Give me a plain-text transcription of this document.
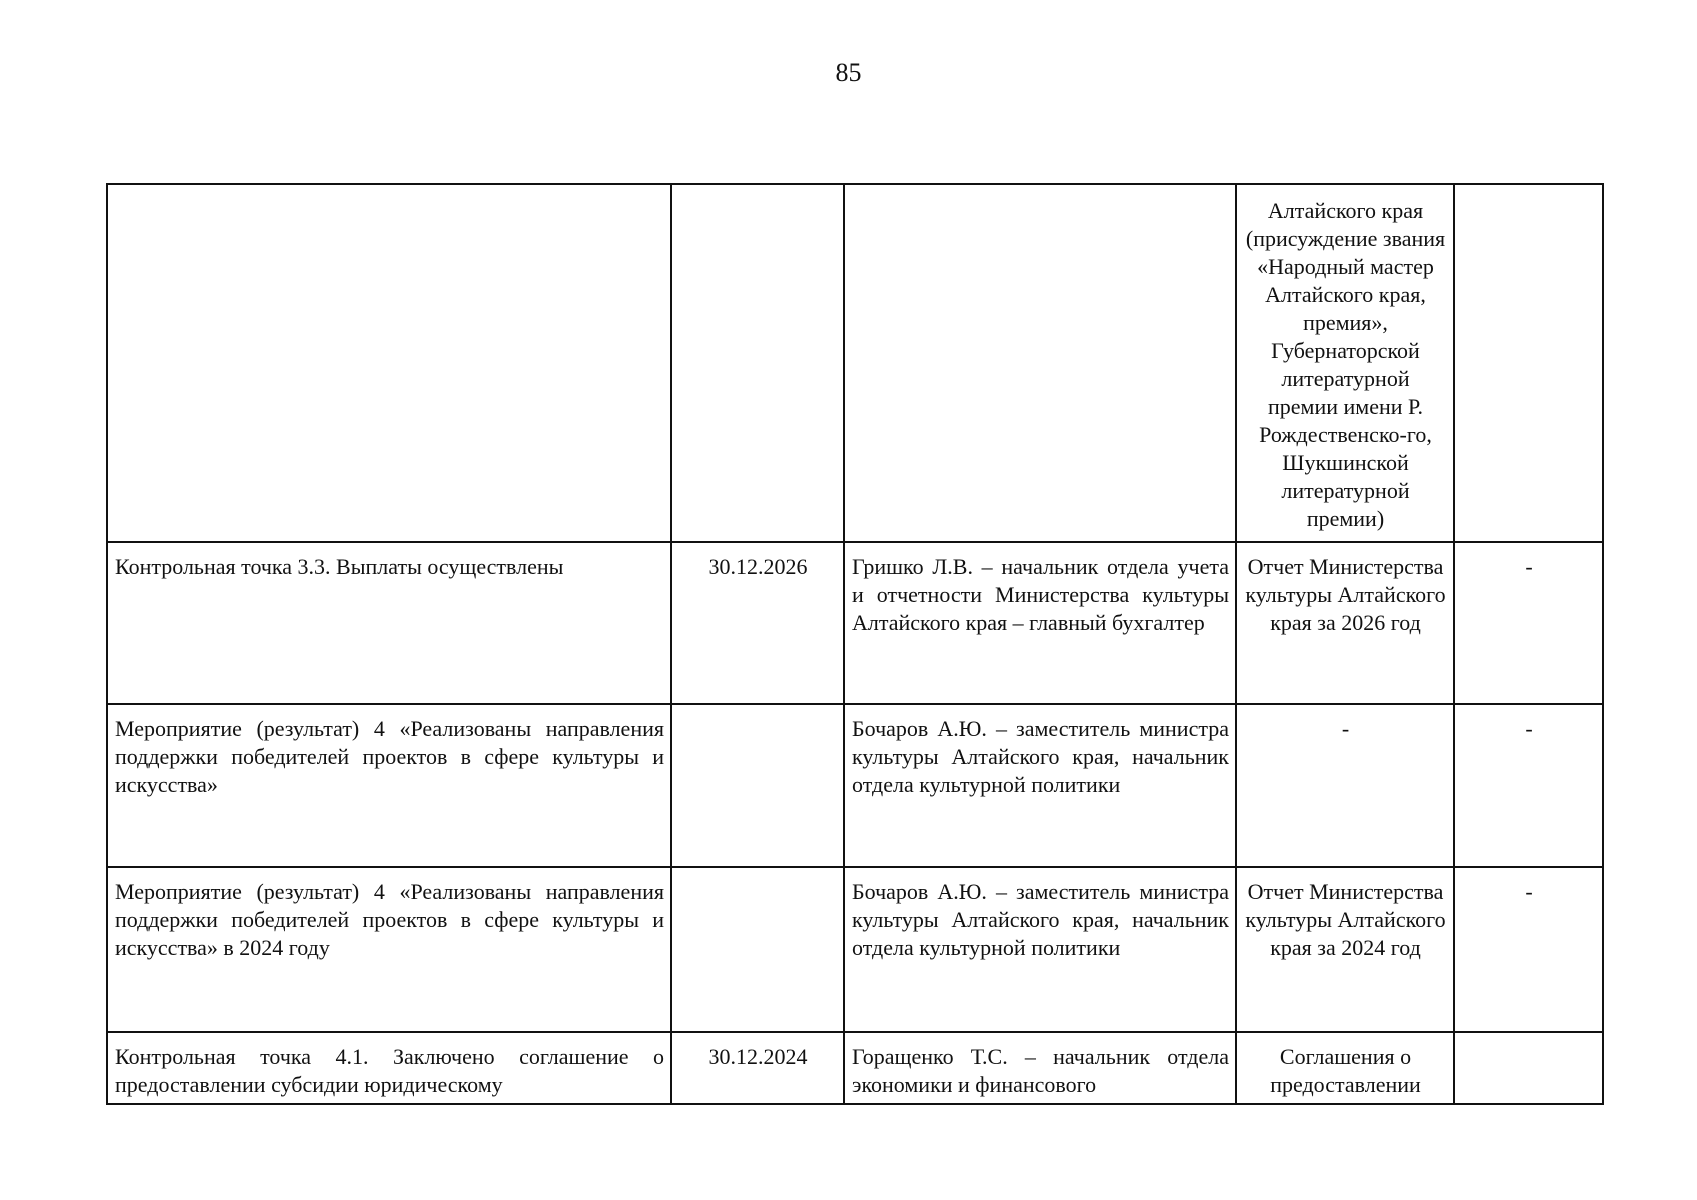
85
			Алтайского края (присуждение звания «Народный мастер Алтайского края, премия», Губернаторской литературной премии имени Р. Рождественско-го, Шукшинской литературной премии)	
Контрольная точка 3.3. Выплаты осуществлены	30.12.2026	Гришко Л.В. – начальник отдела учета и отчетности Министерства культуры Алтайского края – главный бухгалтер	Отчет Министерства культуры Алтайского края за 2026 год	-
Мероприятие (результат) 4 «Реализованы направления поддержки победителей проектов в сфере культуры и искусства»		Бочаров А.Ю. – заместитель министра культуры Алтайского края, начальник отдела культурной политики	-	-
Мероприятие (результат) 4 «Реализованы направления поддержки победителей проектов в сфере культуры и искусства» в 2024 году		Бочаров А.Ю. – заместитель министра культуры Алтайского края, начальник отдела культурной политики	Отчет Министерства культуры Алтайского края за 2024 год	-
Контрольная точка 4.1. Заключено соглашение о предоставлении субсидии юридическому	30.12.2024	Горащенко Т.С. – начальник отдела экономики и финансового	Соглашения о предоставлении	
